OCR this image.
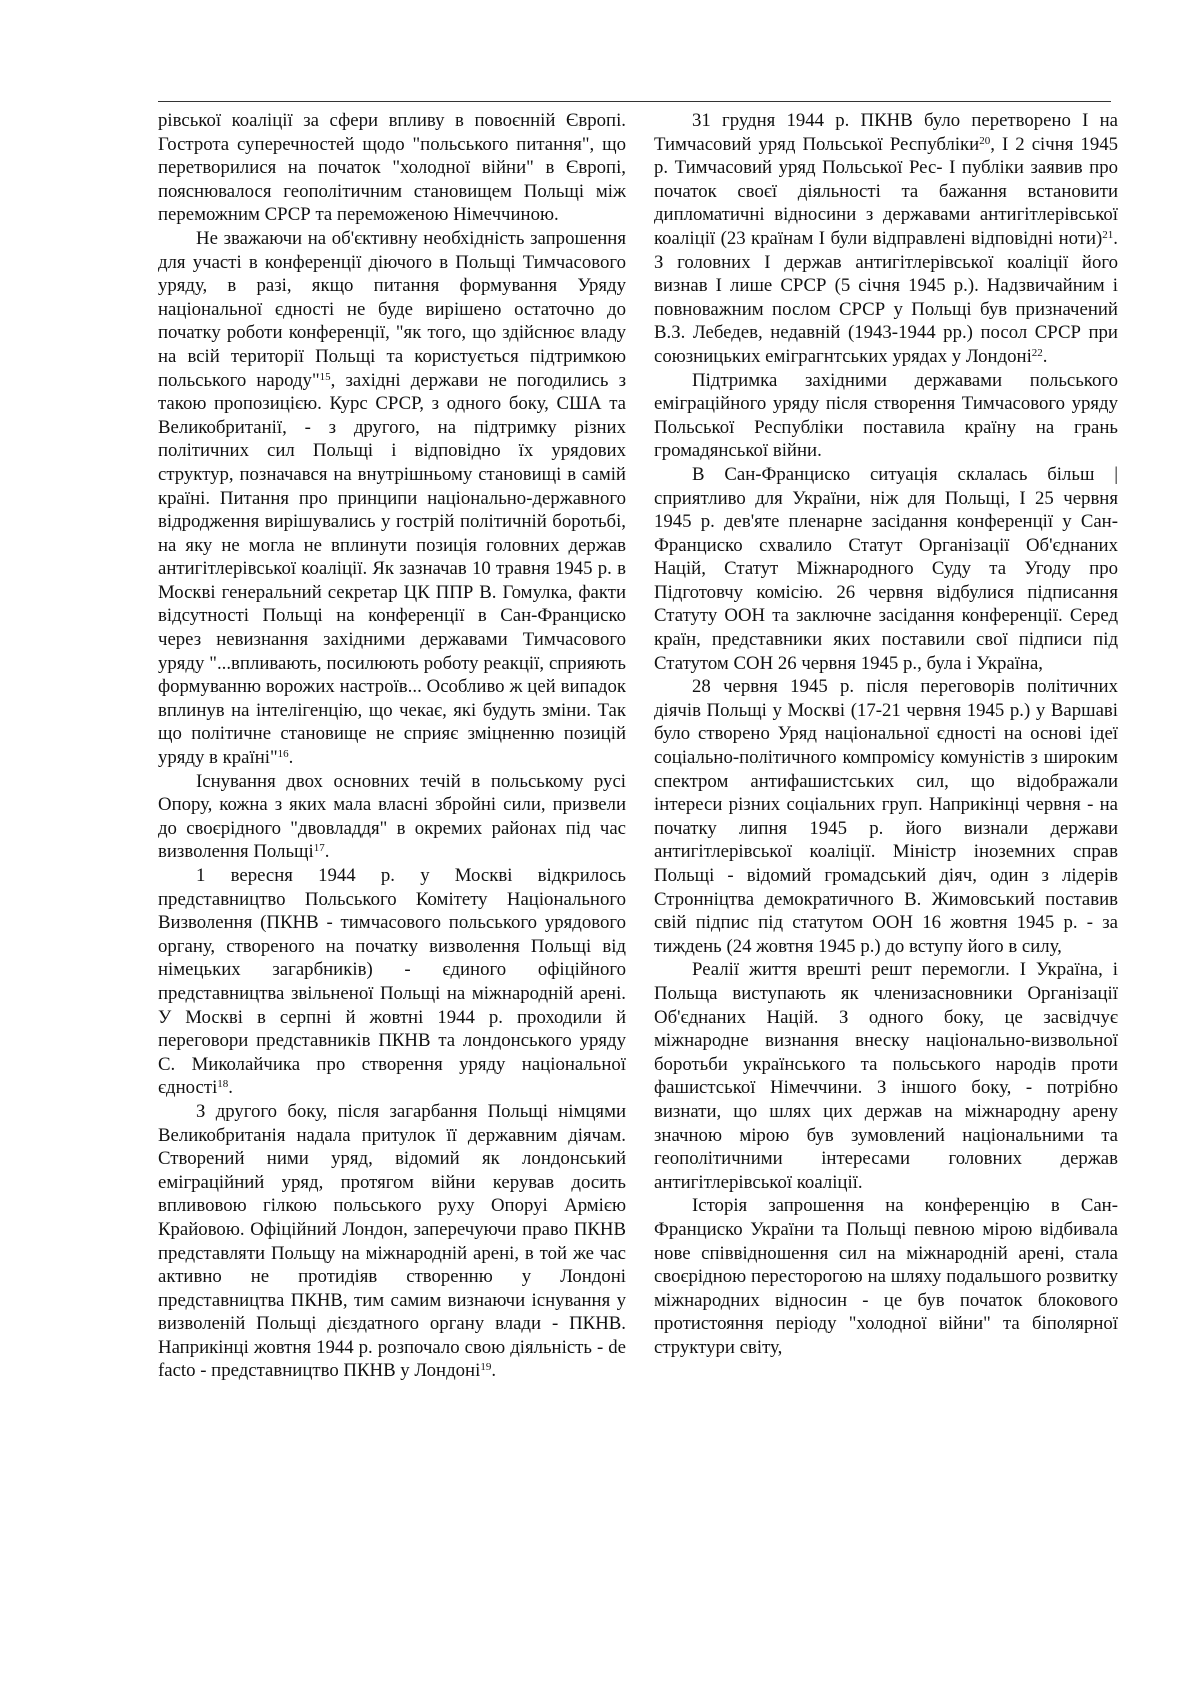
рівської коаліції за сфери впливу в повоєнній Європі. Гострота суперечностей щодо "польського питання", що перетворилися на початок "холодної війни" в Європі, пояснювалося геополітичним становищем Польщі між переможним СРСР та переможеною Німеччиною.

Не зважаючи на об'єктивну необхідність запрошення для участі в конференції діючого в Польщі Тимчасового уряду, в разі, якщо питання формування Уряду національної єдності не буде вирішено остаточно до початку роботи конференції, "як того, що здійснює владу на всій території Польщі та користується підтримкою польського народу"$^{15}$, західні держави не погодились з такою пропозицією. Курс СРСР, з одного боку, США та Великобританії, - з другого, на підтримку різних політичних сил Польщі і відповідно їх урядових структур, позначався на внутрішньому становищі в самій країні. Питання про принципи національно-державного відродження вирішувались у гострій політичній боротьбі, на яку не могла не вплинути позиція головних держав антигітлерівської коаліції. Як зазначав 10 травня 1945 р. в Москві генеральний секретар ЦК ППР В. Гомулка, факти відсутності Польщі на конференції в Сан-Франциско через невизнання західними державами Тимчасового уряду "...впливають, посилюють роботу реакції, сприяють формуванню ворожих настроїв... Особливо ж цей випадок вплинув на інтелігенцію, що чекає, які будуть зміни. Так що політичне становище не сприяє зміцненню позицій уряду в країні"$^{16}$.

Існування двох основних течій в польському русі Опору, кожна з яких мала власні збройні сили, призвели до своєрідного "двовладдя" в окремих районах під час визволення Польщі$^{17}$.

1 вересня 1944 р. у Москві відкрилось представництво Польського Комітету Національного Визволення (ПКНВ - тимчасового польського урядового органу, створеного на початку визволення Польщі від німецьких загарбників) - єдиного офіційного представництва звільненої Польщі на міжнародній арені. У Москві в серпні й жовтні 1944 р. проходили й переговори представників ПКНВ та лондонського уряду С. Миколайчика про створення уряду національної єдності$^{18}$.

З другого боку, після загарбання Польщі німцями Великобританія надала притулок її державним діячам. Створений ними уряд, відомий як лондонський еміграційний уряд, протягом війни керував досить впливовою гілкою польського руху Опоруі Армією Крайовою. Офіційний Лондон, заперечуючи право ПКНВ представляти Польщу на міжнародній арені, в той же час активно не протидіяв створенню у Лондоні представництва ПКНВ, тим самим визнаючи існування у визволеній Польщі дієздатного органу влади - ПКНВ. Наприкінці жовтня 1944 р. розпочало свою діяльність - de facto - представництво ПКНВ у Лондоні$^{19}$.

31 грудня 1944 р. ПКНВ було перетворено І на Тимчасовий уряд Польської Республіки$^{20}$, І 2 січня 1945 р. Тимчасовий уряд Польської Рес- І публіки заявив про початок своєї діяльності та бажання встановити дипломатичні відносини з державами антигітлерівської коаліції (23 країнам І були відправлені відповідні ноти)$^{21}$. З головних І держав антигітлерівської коаліції його визнав І лише СРСР (5 січня 1945 р.). Надзвичайним і повноважним послом СРСР у Польщі був призначений В.З. Лебедев, недавній (1943-1944 рр.) посол СРСР при союзницьких еміграгнтських урядах у Лондоні$^{22}$.

Підтримка західними державами польського еміграційного уряду після створення Тимчасового уряду Польської Республіки поставила країну на грань громадянської війни.

В Сан-Франциско ситуація склалась більш | сприятливо для України, ніж для Польщі, І 25 червня 1945 р. дев'яте пленарне засідання конференції у Сан-Франциско схвалило Статут Організації Об'єднаних Націй, Статут Міжнародного Суду та Угоду про Підготовчу комісію. 26 червня відбулися підписання Статуту ООН та заключне засідання конференції. Серед країн, представники яких поставили свої підписи під Статутом СОН 26 червня 1945 р., була і Україна,

28 червня 1945 р. після переговорів політичних діячів Польщі у Москві (17-21 червня 1945 р.) у Варшаві було створено Уряд національної єдності на основі ідеї соціально-політичного компромісу комуністів з широким спектром антифашистських сил, що відображали інтереси різних соціальних груп. Наприкінці червня - на початку липня 1945 р. його визнали держави антигітлерівської коаліції. Міністр іноземних справ Польщі - відомий громадський діяч, один з лідерів Стронніцтва демократичного В. Жимовський поставив свій підпис під статутом ООН 16 жовтня 1945 р. - за тиждень (24 жовтня 1945 р.) до вступу його в силу,

Реалії життя врешті решт перемогли. І Україна, і Польща виступають як членизасновники Організації Об'єднаних Націй. З одного боку, це засвідчує міжнародне визнання внеску національно-визвольної боротьби українського та польського народів проти фашистської Німеччини. З іншого боку, - потрібно визнати, що шлях цих держав на міжнародну арену значною мірою був зумовлений національними та геополітичними інтересами головних держав антигітлерівської коаліції.

Історія запрошення на конференцію в Сан-Франциско України та Польщі певною мірою відбивала нове співвідношення сил на міжнародній арені, стала своєрідною пересторогою на шляху подальшого розвитку міжнародних відносин - це був початок блокового протистояння періоду "холодної війни" та біполярної структури світу,
